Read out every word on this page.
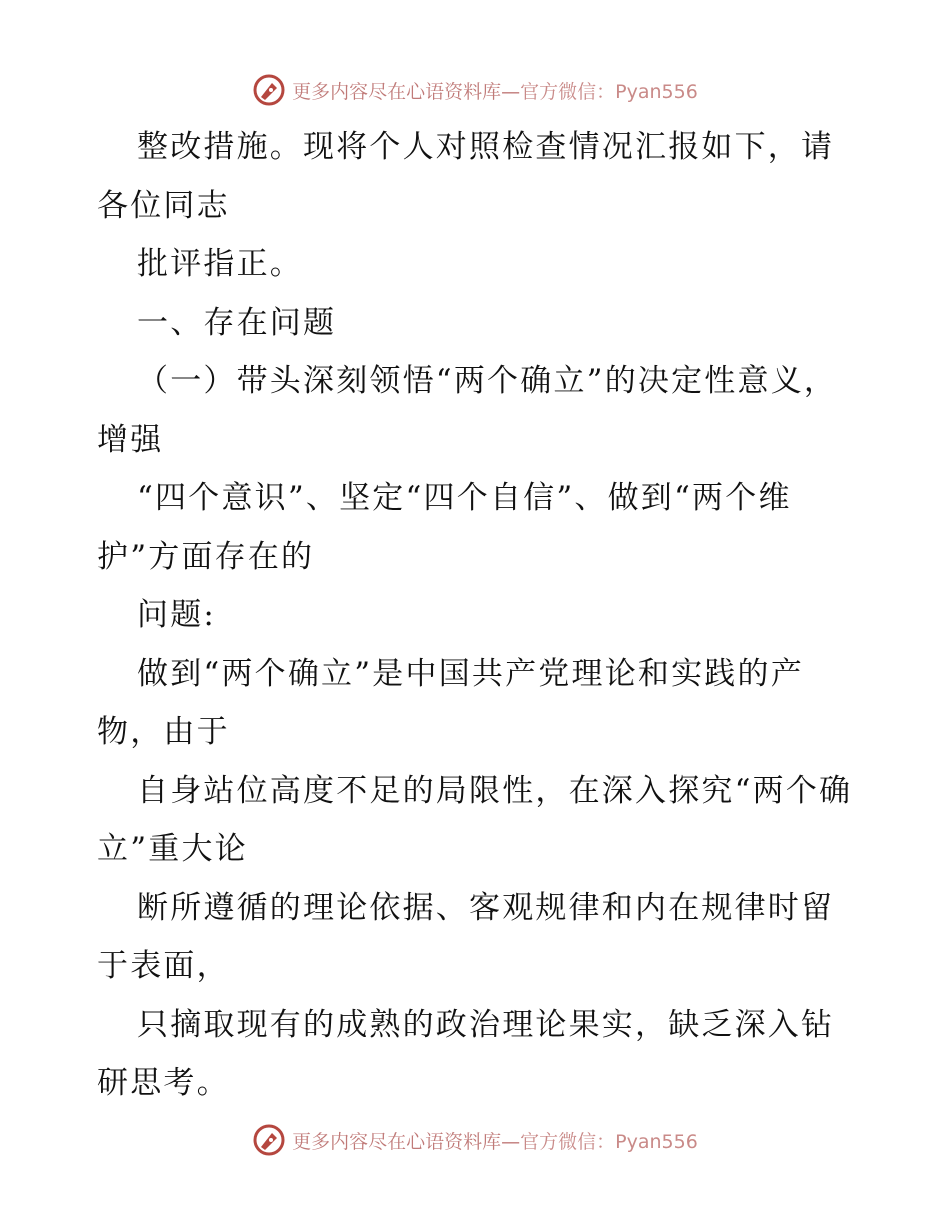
更多内容尽在心语资料库— 官方微信：Pyan556

整改措施。现将个人对照检查情况汇报如下，请各位同志

批评指正。

一、存在问题

（一）带头深刻领悟“两个确立”的决定性意义，增强

“四个意识”、坚定“四个自信”、做到“两个维护”方面存在的

问题:

做到“两个确立”是中国共产党理论和实践的产物，由于

自身站位高度不足的局限性，在深入探究“两个确立”重大论

断所遵循的理论依据、客观规律和内在规律时留于表面，

只摘取现有的成熟的政治理论果实，缺乏深入钻研思考。

更多内容尽在心语资料库— 官方微信：Pyan556
